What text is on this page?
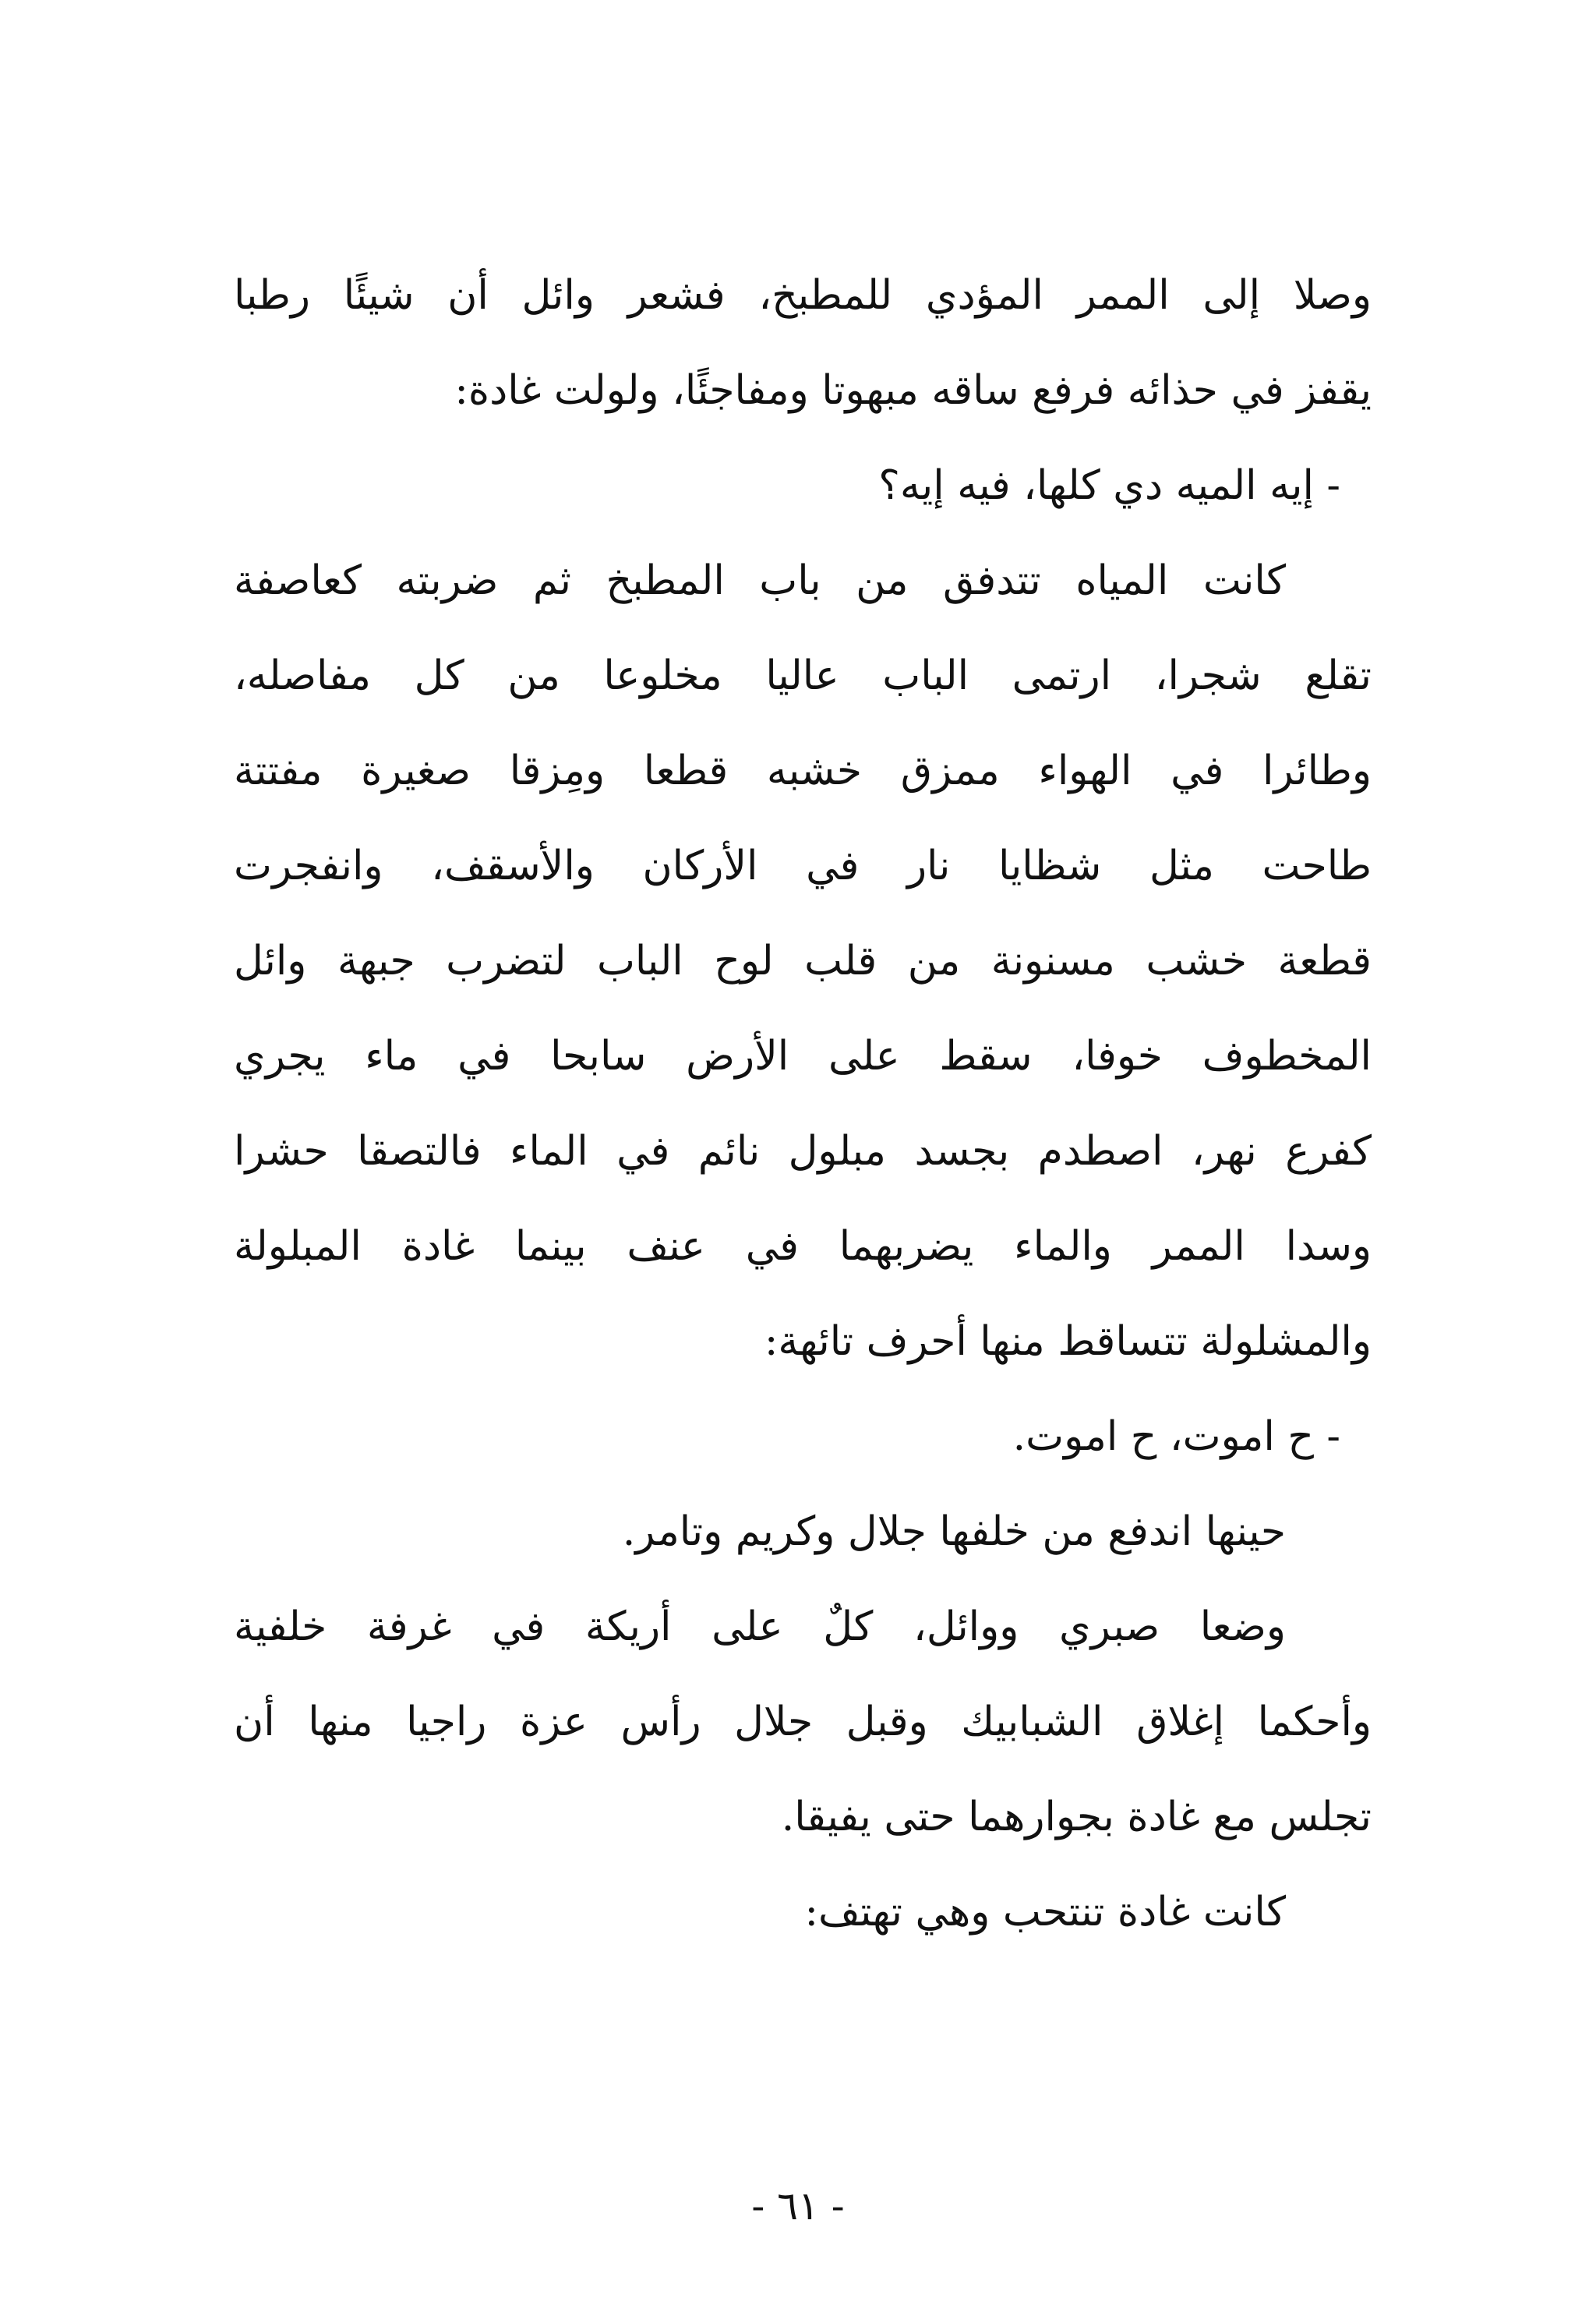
وصلا إلى الممر المؤدي للمطبخ، فشعر وائل أن شيئًا رطبا
يقفز في حذائه فرفع ساقه مبهوتا ومفاجئًا، ولولت غادة:
- إيه الميه دي كلها، فيه إيه؟
كانت المياه تتدفق من باب المطبخ ثم ضربته كعاصفة
تقلع شجرا، ارتمى الباب عاليا مخلوعا من كل مفاصله،
وطائرا في الهواء ممزق خشبه قطعا ومِزقا صغيرة مفتتة
طاحت مثل شظايا نار في الأركان والأسقف، وانفجرت
قطعة خشب مسنونة من قلب لوح الباب لتضرب جبهة وائل
المخطوف خوفا، سقط على الأرض سابحا في ماء يجري
كفرع نهر، اصطدم بجسد مبلول نائم في الماء فالتصقا حشرا
وسدا الممر والماء يضربهما في عنف بينما غادة المبلولة
والمشلولة تتساقط منها أحرف تائهة:
- ح اموت، ح اموت.
حينها اندفع من خلفها جلال وكريم وتامر.
وضعا صبري ووائل، كلٌ على أريكة في غرفة خلفية
وأحكما إغلاق الشبابيك وقبل جلال رأس عزة راجيا منها أن
تجلس مع غادة بجوارهما حتى يفيقا.
كانت غادة تنتحب وهي تهتف:
- ٦١ -
